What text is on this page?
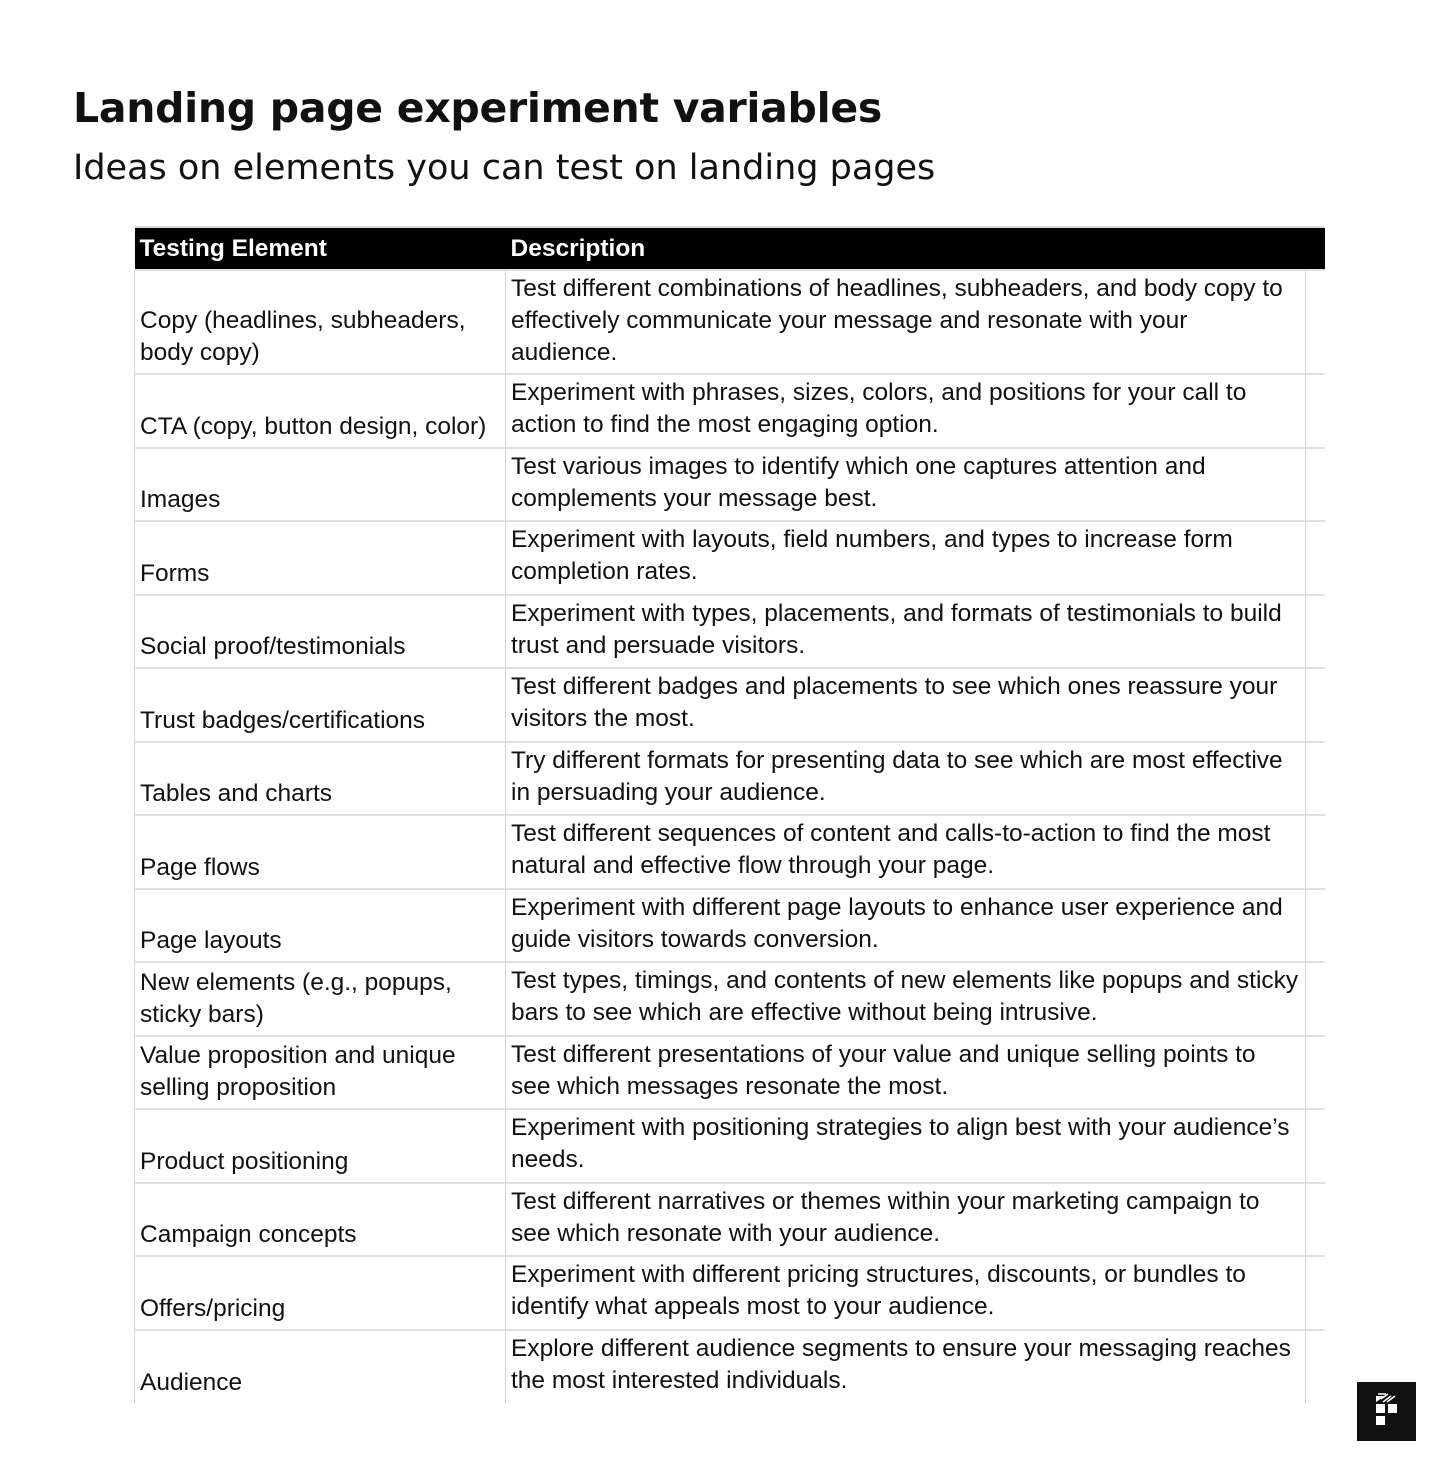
Landing page experiment variables

Ideas on elements you can test on landing pages

Testing Element	Description	
Copy (headlines, subheaders, body copy)	Test different combinations of headlines, subheaders, and body copy to effectively communicate your message and resonate with your audience.	
CTA (copy, button design, color)	Experiment with phrases, sizes, colors, and positions for your call to action to find the most engaging option.	
Images	Test various images to identify which one captures attention and complements your message best.	
Forms	Experiment with layouts, field numbers, and types to increase form completion rates.	
Social proof/testimonials	Experiment with types, placements, and formats of testimonials to build trust and persuade visitors.	
Trust badges/certifications	Test different badges and placements to see which ones reassure your visitors the most.	
Tables and charts	Try different formats for presenting data to see which are most effective in persuading your audience.	
Page flows	Test different sequences of content and calls-to-action to find the most natural and effective flow through your page.	
Page layouts	Experiment with different page layouts to enhance user experience and guide visitors towards conversion.	
New elements (e.g., popups, sticky bars)	Test types, timings, and contents of new elements like popups and sticky bars to see which are effective without being intrusive.	
Value proposition and unique selling proposition	Test different presentations of your value and unique selling points to see which messages resonate the most.	
Product positioning	Experiment with positioning strategies to align best with your audience’s needs.	
Campaign concepts	Test different narratives or themes within your marketing campaign to see which resonate with your audience.	
Offers/pricing	Experiment with different pricing structures, discounts, or bundles to identify what appeals most to your audience.	
Audience	Explore different audience segments to ensure your messaging reaches the most interested individuals.	
